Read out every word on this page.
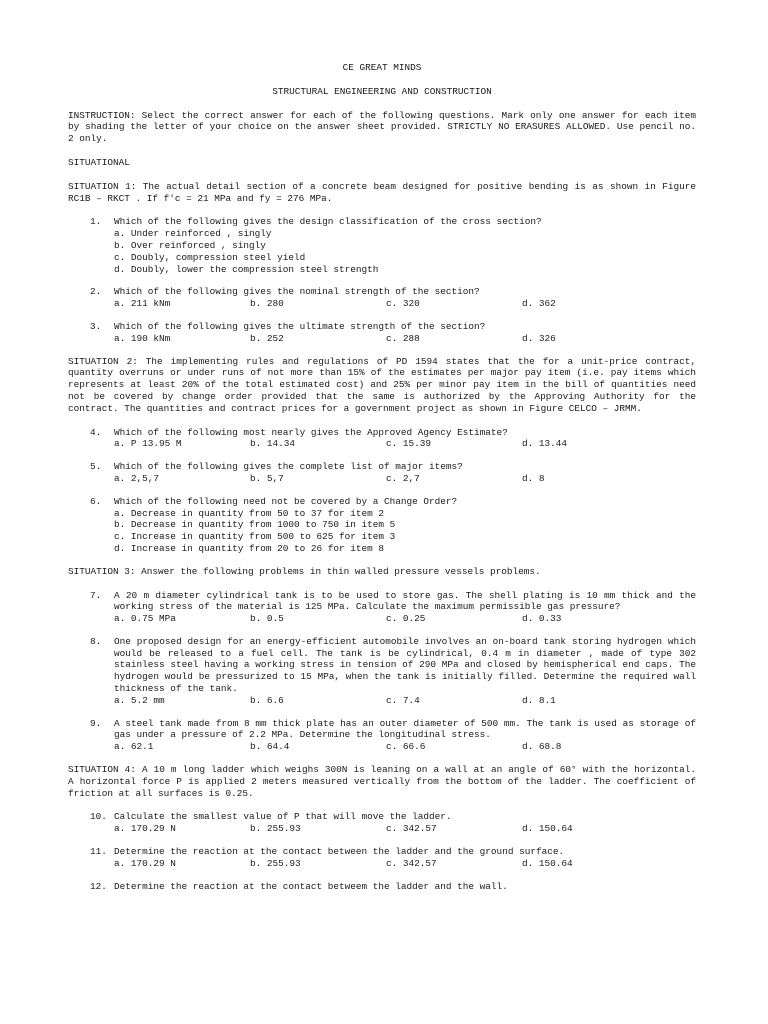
CE GREAT MINDS
STRUCTURAL ENGINEERING AND CONSTRUCTION
INSTRUCTION: Select the correct answer for each of the following questions. Mark only one answer for each item by shading the letter of your choice on the answer sheet provided. STRICTLY NO ERASURES ALLOWED. Use pencil no. 2 only.
SITUATIONAL
SITUATION 1: The actual detail section of a concrete beam designed for positive bending is as shown in Figure RC1B – RKCT . If f'c = 21 MPa and fy = 276 MPa.
1.	Which of the following gives the design classification of the cross section?
a. Under reinforced , singly
b. Over reinforced , singly
c. Doubly, compression steel yield
d. Doubly, lower the compression steel strength
2.	Which of the following gives the nominal strength of the section?
a. 211 kNm	b. 280	c. 320	d. 362
3.	Which of the following gives the ultimate strength of the section?
a. 190 kNm	b. 252	c. 288	d. 326
SITUATION 2: The implementing rules and regulations of PD 1594 states that the for a unit-price contract, quantity overruns or under runs of not more than 15% of the estimates per major pay item (i.e. pay items which represents at least 20% of the total estimated cost) and 25% per minor pay item in the bill of quantities need not be covered by change order provided that the same is authorized by the Approving Authority for the contract. The quantities and contract prices for a government project as shown in Figure CELCO – JRMM.
4.	Which of the following most nearly gives the Approved Agency Estimate?
a. P 13.95 M	b. 14.34	c. 15.39	d. 13.44
5.	Which of the following gives the complete list of major items?
a. 2,5,7	b. 5,7	c. 2,7	d. 8
6.	Which of the following need not be covered by a Change Order?
a. Decrease in quantity from 50 to 37 for item 2
b. Decrease in quantity from 1000 to 750 in item 5
c. Increase in quantity from 500 to 625 for item 3
d. Increase in quantity from 20 to 26 for item 8
SITUATION 3: Answer the following problems in thin walled pressure vessels problems.
7.	A 20 m diameter cylindrical tank is to be used to store gas. The shell plating is 10 mm thick and the working stress of the material is 125 MPa. Calculate the maximum permissible gas pressure?
a. 0.75 MPa	b. 0.5	c. 0.25	d. 0.33
8.	One proposed design for an energy-efficient automobile involves an on-board tank storing hydrogen which would be released to a fuel cell. The tank is be cylindrical, 0.4 m in diameter , made of type 302 stainless steel having a working stress in tension of 290 MPa and closed by hemispherical end caps. The hydrogen would be pressurized to 15 MPa, when the tank is initially filled. Determine the required wall thickness of the tank.
a. 5.2 mm	b. 6.6	c. 7.4	d. 8.1
9.	A steel tank made from 8 mm thick plate has an outer diameter of 500 mm. The tank is used as storage of gas under a pressure of 2.2 MPa. Determine the longitudinal stress.
a. 62.1	b. 64.4	c. 66.6	d. 68.8
SITUATION 4: A 10 m long ladder which weighs 300N is leaning on a wall at an angle of 60° with the horizontal. A horizontal force P is applied 2 meters measured vertically from the bottom of the ladder. The coefficient of friction at all surfaces is 0.25.
10. Calculate the smallest value of P that will move the ladder.
a. 170.29 N	b. 255.93	c. 342.57	d. 150.64
11. Determine the reaction at the contact between the ladder and the ground surface.
a. 170.29 N	b. 255.93	c. 342.57	d. 150.64
12. Determine the reaction at the contact betweem the ladder and the wall.
